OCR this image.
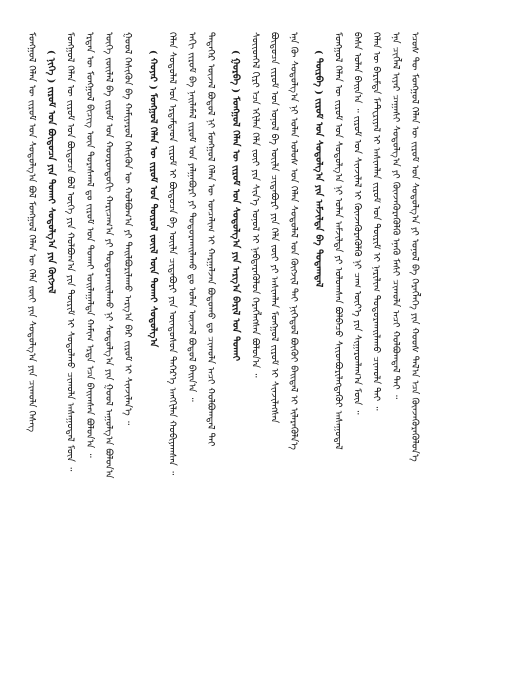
ᠮᠣᠩᠭᠣᠯ ᠬᠡᠯᠡᠨ ᠦ ᠵᠢᠷᠤᠮ ᠤᠨ ᠰᠤᠳᠤᠯᠭ᠎ᠠ ᠪᠣᠯ ᠮᠣᠩᠭᠣᠯ ᠬᠡᠯᠡᠨ ᠦ ᠬᠡᠯᠡ ᠵᠦᠢ ᠶᠢᠨ ᠰᠤᠳᠤᠯᠭ᠎ᠠ ᠶᠢᠨ ᠴᠢᠬᠤᠯᠠ ᠬᠡᠰᠡᠭ ( ᠨᠢᠭᠡ ) ᠵᠢᠷᠤᠮ ᠤᠨ ᠪᠦᠲᠦᠴᠡ ᠶᠢᠨ ᠲᠤᠬᠠᠢ ᠰᠤᠳᠤᠯᠭ᠎ᠠ ᠶᠢᠨ ᠬᠥᠭᠵᠢᠯ ᠮᠣᠩᠭᠣᠯ ᠬᠡᠯᠡᠨ ᠦ ᠵᠢᠷᠤᠮ ᠤᠨ ᠪᠦᠲᠦᠴᠡ ᠪᠣᠯ ᠦᠭᠡ ᠶᠢᠨ ᠬᠣᠯᠪᠣᠭ᠎ᠠ ᠶᠢᠨ ᠳᠦᠷᠢᠮ ᠢ ᠰᠤᠳᠤᠯᠬᠤ ᠴᠢᠬᠤᠯᠠ ᠠᠰᠠᠭᠤᠳᠠᠯ ᠮᠥᠨ ᠃ ᠡᠷᠲᠡᠨ ᠦ ᠮᠣᠩᠭᠣᠯ ᠪᠢᠴᠢᠭ ᠦᠨ ᠳᠤᠷᠠᠰᠬᠠᠯ ᠳᠤ ᠵᠢᠷᠤᠮ ᠤᠨ ᠲᠤᠬᠠᠢ ᠣᠢᠯᠠᠭᠠᠯᠲᠠ ᠬᠠᠮᠢᠭ ᠡᠷᠲᠡ ᠡᠴᠡ ᠪᠠᠢᠭᠰᠠᠨ ᠪᠣᠯᠤᠨ᠎ᠠ ᠃ ᠦᠭᠡ ᠵᠦᠢᠯᠡᠯ ᠪᠠ ᠵᠢᠷᠤᠮ ᠤᠨ ᠬᠣᠣᠷᠣᠨᠳᠣᠬᠢ ᠬᠠᠷᠢᠴᠠᠭ᠎ᠠ ᠶᠢ ᠲᠣᠳᠣᠷᠬᠠᠢᠯᠠᠬᠤ ᠨᠢ ᠰᠤᠳᠤᠯᠭ᠎ᠠ ᠶᠢᠨ ᠭᠣᠣᠯ ᠠᠭᠤᠯᠭ᠎ᠠ ᠪᠣᠯᠤᠨ᠎ᠠ ᠭᠣᠣᠯ ᠭᠡᠰᠢᠭᠦᠨ ᠪᠠ ᠬᠠᠮᠢᠶᠠᠷᠤᠯ ᠭᠡᠰᠢᠭᠦᠨ ᠦ ᠬᠣᠯᠪᠣᠭ᠎ᠠ ᠶᠢ ᠲᠠᠢᠯᠪᠤᠷᠢᠯᠠᠬᠤ ᠠᠷᠭ᠎ᠠ ᠪᠠᠷ ᠵᠢᠷᠤᠮ ᠢ ᠰᠢᠨᠵᠢᠯᠡᠨ᠎ᠡ ᠃	( ᠬᠣᠶᠠᠷ ) ᠮᠣᠩᠭᠣᠯ ᠬᠡᠯᠡᠨ ᠦ ᠵᠢᠷᠤᠮ ᠤᠨ ᠲᠥᠷᠥᠯ ᠵᠦᠢᠯ ᠦᠨ ᠲᠤᠬᠠᠢ ᠰᠤᠳᠤᠯᠭ᠎ᠠ ᠬᠡᠯᠡᠨ ᠰᠤᠳᠤᠯᠠᠯ ᠤᠨ ᠡᠷᠳᠡᠮᠲᠡᠳ ᠵᠢᠷᠤᠮ ᠢ ᠪᠦᠲᠦᠴᠡ ᠪᠠ ᠦᠢᠯᠡ ᠴᠢᠳᠠᠪᠤᠷᠢ ᠶᠢᠨ ᠦᠨᠳᠦᠰᠦᠨ ᠳᠡᠭᠡᠷ᠎ᠡ ᠠᠩᠭᠢᠯᠠᠨ ᠬᠤᠪᠢᠶᠠᠭᠰᠠᠨ ᠃ ᠡᠨᠭᠢ ᠵᠢᠷᠤᠮ ᠪᠠ ᠨᠡᠢᠯᠡᠮᠡᠯ ᠵᠢᠷᠤᠮ ᠤᠨ ᠶᠠᠯᠭᠠᠪᠤᠷᠢ ᠶᠢ ᠲᠣᠳᠣᠷᠬᠠᠢᠯᠠᠬᠤ ᠳᠤ ᠣᠯᠠᠨ ᠦᠵᠡᠯ ᠪᠣᠳᠤᠯ ᠪᠠᠢᠨ᠎ᠠ ᠃ ᠲᠡᠳᠡᠭᠡᠷ ᠦᠵᠡᠯ ᠪᠣᠳᠤᠯ ᠨᠢ ᠮᠣᠩᠭᠣᠯ ᠬᠡᠯᠡᠨ ᠦ ᠣᠨᠴᠠᠯᠢᠭ ᠢ ᠬᠠᠷᠭᠠᠯᠵᠠᠨ ᠪᠣᠳᠣᠬᠤ ᠳᠤ ᠴᠢᠬᠤᠯᠠ ᠠᠴᠢ ᠬᠣᠯᠪᠣᠭᠳᠠᠯ ᠲᠠᠢ	( ᠭᠤᠷᠪᠠ ) ᠮᠣᠩᠭᠣᠯ ᠬᠡᠯᠡᠨ ᠦ ᠵᠢᠷᠤᠮ ᠤᠨ ᠰᠤᠳᠤᠯᠭ᠎ᠠ ᠶᠢᠨ ᠠᠷᠭ᠎ᠠ ᠪᠠᠷᠢᠯ ᠤᠨ ᠲᠤᠬᠠᠢ ᠰᠦᠢᠳᠬᠡᠯ ᠬᠢᠷᠢ ᠡᠴᠡ ᠡᠬᠢᠯᠡᠨ ᠬᠡᠯᠡ ᠵᠦᠢ ᠶᠢᠨ ᠰᠢᠨ᠎ᠡ ᠣᠨᠣᠯ ᠢ ᠨᠡᠪᠳᠡᠷᠡᠭᠦᠯᠦᠨ ᠬᠡᠷᠡᠭᠯᠡᠭᠰᠡᠨ ᠪᠣᠯᠤᠨ᠎ᠠ ᠃ ᠪᠦᠲᠦᠴᠡ ᠵᠢᠷᠤᠮ ᠤᠨ ᠣᠨᠣᠯ ᠪᠠ ᠦᠢᠯᠡ ᠴᠢᠳᠠᠪᠤᠷᠢ ᠶᠢᠨ ᠬᠡᠯᠡ ᠵᠦᠢ ᠶᠢ ᠠᠰᠢᠭᠯᠠᠨ ᠮᠣᠩᠭᠣᠯ ᠵᠢᠷᠤᠮ ᠢ ᠰᠢᠨᠵᠢᠯᠡᠭᠰᠡᠨ ᠡᠨᠡ ᠬᠦ ᠰᠤᠳᠤᠯᠭ᠎ᠠ ᠨᠢ ᠣᠯᠠᠨ ᠤᠯᠤᠰ ᠤᠨ ᠬᠡᠯᠡᠨ ᠰᠤᠳᠤᠯᠠᠯ ᠤᠨ ᠬᠥᠭᠵᠢᠯ ᠲᠡᠢ ᠨᠢᠭᠡᠳᠦᠯ ᠪᠦᠬᠦᠢ ᠪᠠᠢᠳᠠᠯ ᠢ ᠢᠯᠡᠷᠡᠭᠦᠯᠨ᠎ᠡ	( ᠳᠥᠷᠪᠡ ) ᠵᠢᠷᠤᠮ ᠤᠨ ᠰᠤᠳᠤᠯᠭ᠎ᠠ ᠶᠢᠨ ᠠᠮᠵᠢᠯᠲᠠ ᠪᠠ ᠳᠤᠲᠠᠭᠳᠠᠯ ᠮᠣᠩᠭᠣᠯ ᠬᠡᠯᠡᠨ ᠦ ᠵᠢᠷᠤᠮ ᠤᠨ ᠰᠤᠳᠤᠯᠭ᠎ᠠ ᠨᠢ ᠣᠯᠠᠨ ᠠᠮᠵᠢᠯᠲᠠ ᠶᠢ ᠣᠯᠤᠭᠰᠠᠨ ᠪᠣᠯᠪᠠᠴᠤ ᠰᠢᠢᠳᠪᠦᠷᠢᠯᠡᠭᠳᠡᠭᠦᠢ ᠠᠰᠠᠭᠤᠳᠠᠯ ᠪᠠᠰᠠ ᠣᠯᠠᠨ ᠪᠠᠢᠨ᠎ᠠ ᠃ ᠵᠢᠷᠤᠮ ᠤᠨ ᠰᠢᠨᠵᠢᠯᠡᠯ ᠢ ᠭᠦᠨᠵᠡᠭᠦᠷᠡᠭᠦᠯᠬᠦ ᠨᠢ ᠴᠠᠭ ᠦᠶ᠎ᠡ ᠶᠢᠨ ᠰᠢᠭᠠᠷᠳᠯᠠᠭ᠎ᠠ ᠮᠥᠨ ᠃ ᠬᠡᠯᠡᠨ ᠦ ᠪᠠᠷᠢᠮᠲᠠ ᠮᠠᠲᠧᠷᠢᠶᠠᠯ ᠢ ᠠᠰᠢᠭᠯᠠᠨ ᠵᠢᠷᠤᠮ ᠤᠨ ᠳᠦᠷᠢᠮ ᠢ ᠨᠠᠷᠢᠯᠢᠭ ᠲᠣᠳᠣᠷᠬᠠᠢᠯᠠᠬᠤ ᠴᠢᠬᠤᠯᠠ ᠲᠠᠢ ᠃ ᠡᠨᠡ ᠴᠢᠭᠯᠡᠯ ᠢᠶᠡᠷ ᠴᠠᠭᠠᠰᠢ ᠰᠤᠳᠤᠯᠭ᠎ᠠ ᠶᠢ ᠭᠦᠨᠵᠡᠭᠦᠷᠡᠭᠦᠯᠬᠦ ᠡᠨᠡᠬᠦ ᠮᠠᠰᠢ ᠴᠢᠬᠤᠯᠠ ᠠᠴᠢ ᠬᠣᠯᠪᠣᠭᠳᠠᠯ ᠲᠠᠢ ᠃ ᠡᠴᠦᠰ ᠲᠦ ᠮᠣᠩᠭᠣᠯ ᠬᠡᠯᠡᠨ ᠦ ᠵᠢᠷᠤᠮ ᠤᠨ ᠰᠤᠳᠤᠯᠭ᠎ᠠ ᠶᠢ ᠣᠨᠣᠯ ᠪᠠ ᠬᠡᠷᠡᠭᠯᠡᠭᠡ ᠶᠢᠨ ᠬᠣᠣᠰ ᠲᠠᠯ᠎ᠠ ᠡᠴᠡ ᠭᠦᠨᠵᠡᠭᠦᠷᠡᠭᠦᠯᠦᠨ᠎ᠡ
